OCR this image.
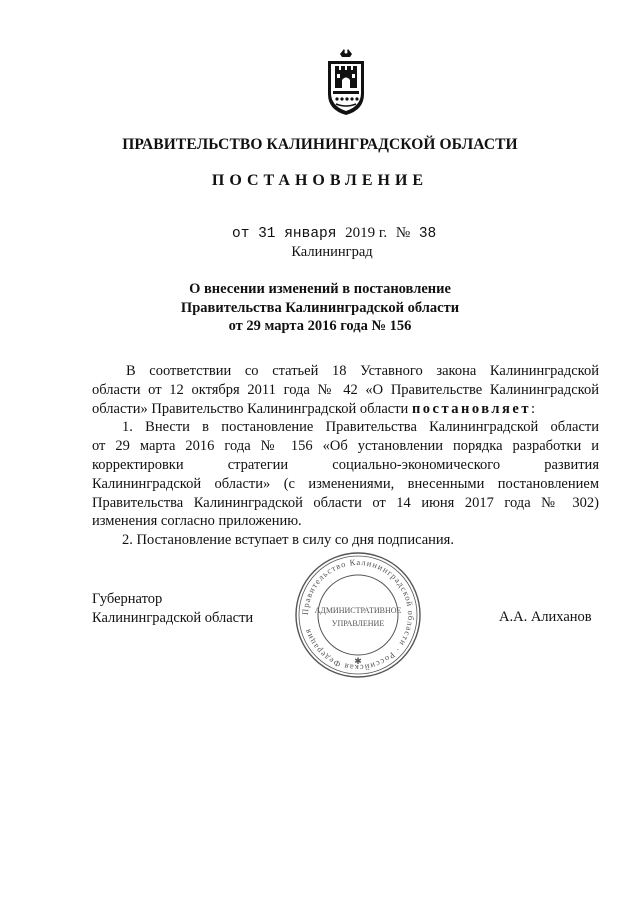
ПРАВИТЕЛЬСТВО КАЛИНИНГРАДСКОЙ ОБЛАСТИ
ПОСТАНОВЛЕНИЕ
от 31 января 2019 г. № 38
Калининград
О внесении изменений в постановление
Правительства Калининградской области
от 29 марта 2016 года № 156

В соответствии со статьей 18 Уставного закона Калининградской

области от 12 октября 2011 года № 42 «О Правительстве Калининградской

области» Правительство Калининградской области постановляет:

1. Внести в постановление Правительства Калининградской области

от 29 марта 2016 года № 156 «Об установлении порядка разработки и

корректировки стратегии социально-экономического развития

Калининградской области» (с изменениями, внесенными постановлением

Правительства Калининградской области от 14 июня 2017 года № 302)

изменения согласно приложению.

2. Постановление вступает в силу со дня подписания.

Губернатор
Калининградской области	А.А. Алиханов
Правительство Калининградской области · Российская Федерация
АДМИНИСТРАТИВНОЕ
УПРАВЛЕНИЕ
✱
